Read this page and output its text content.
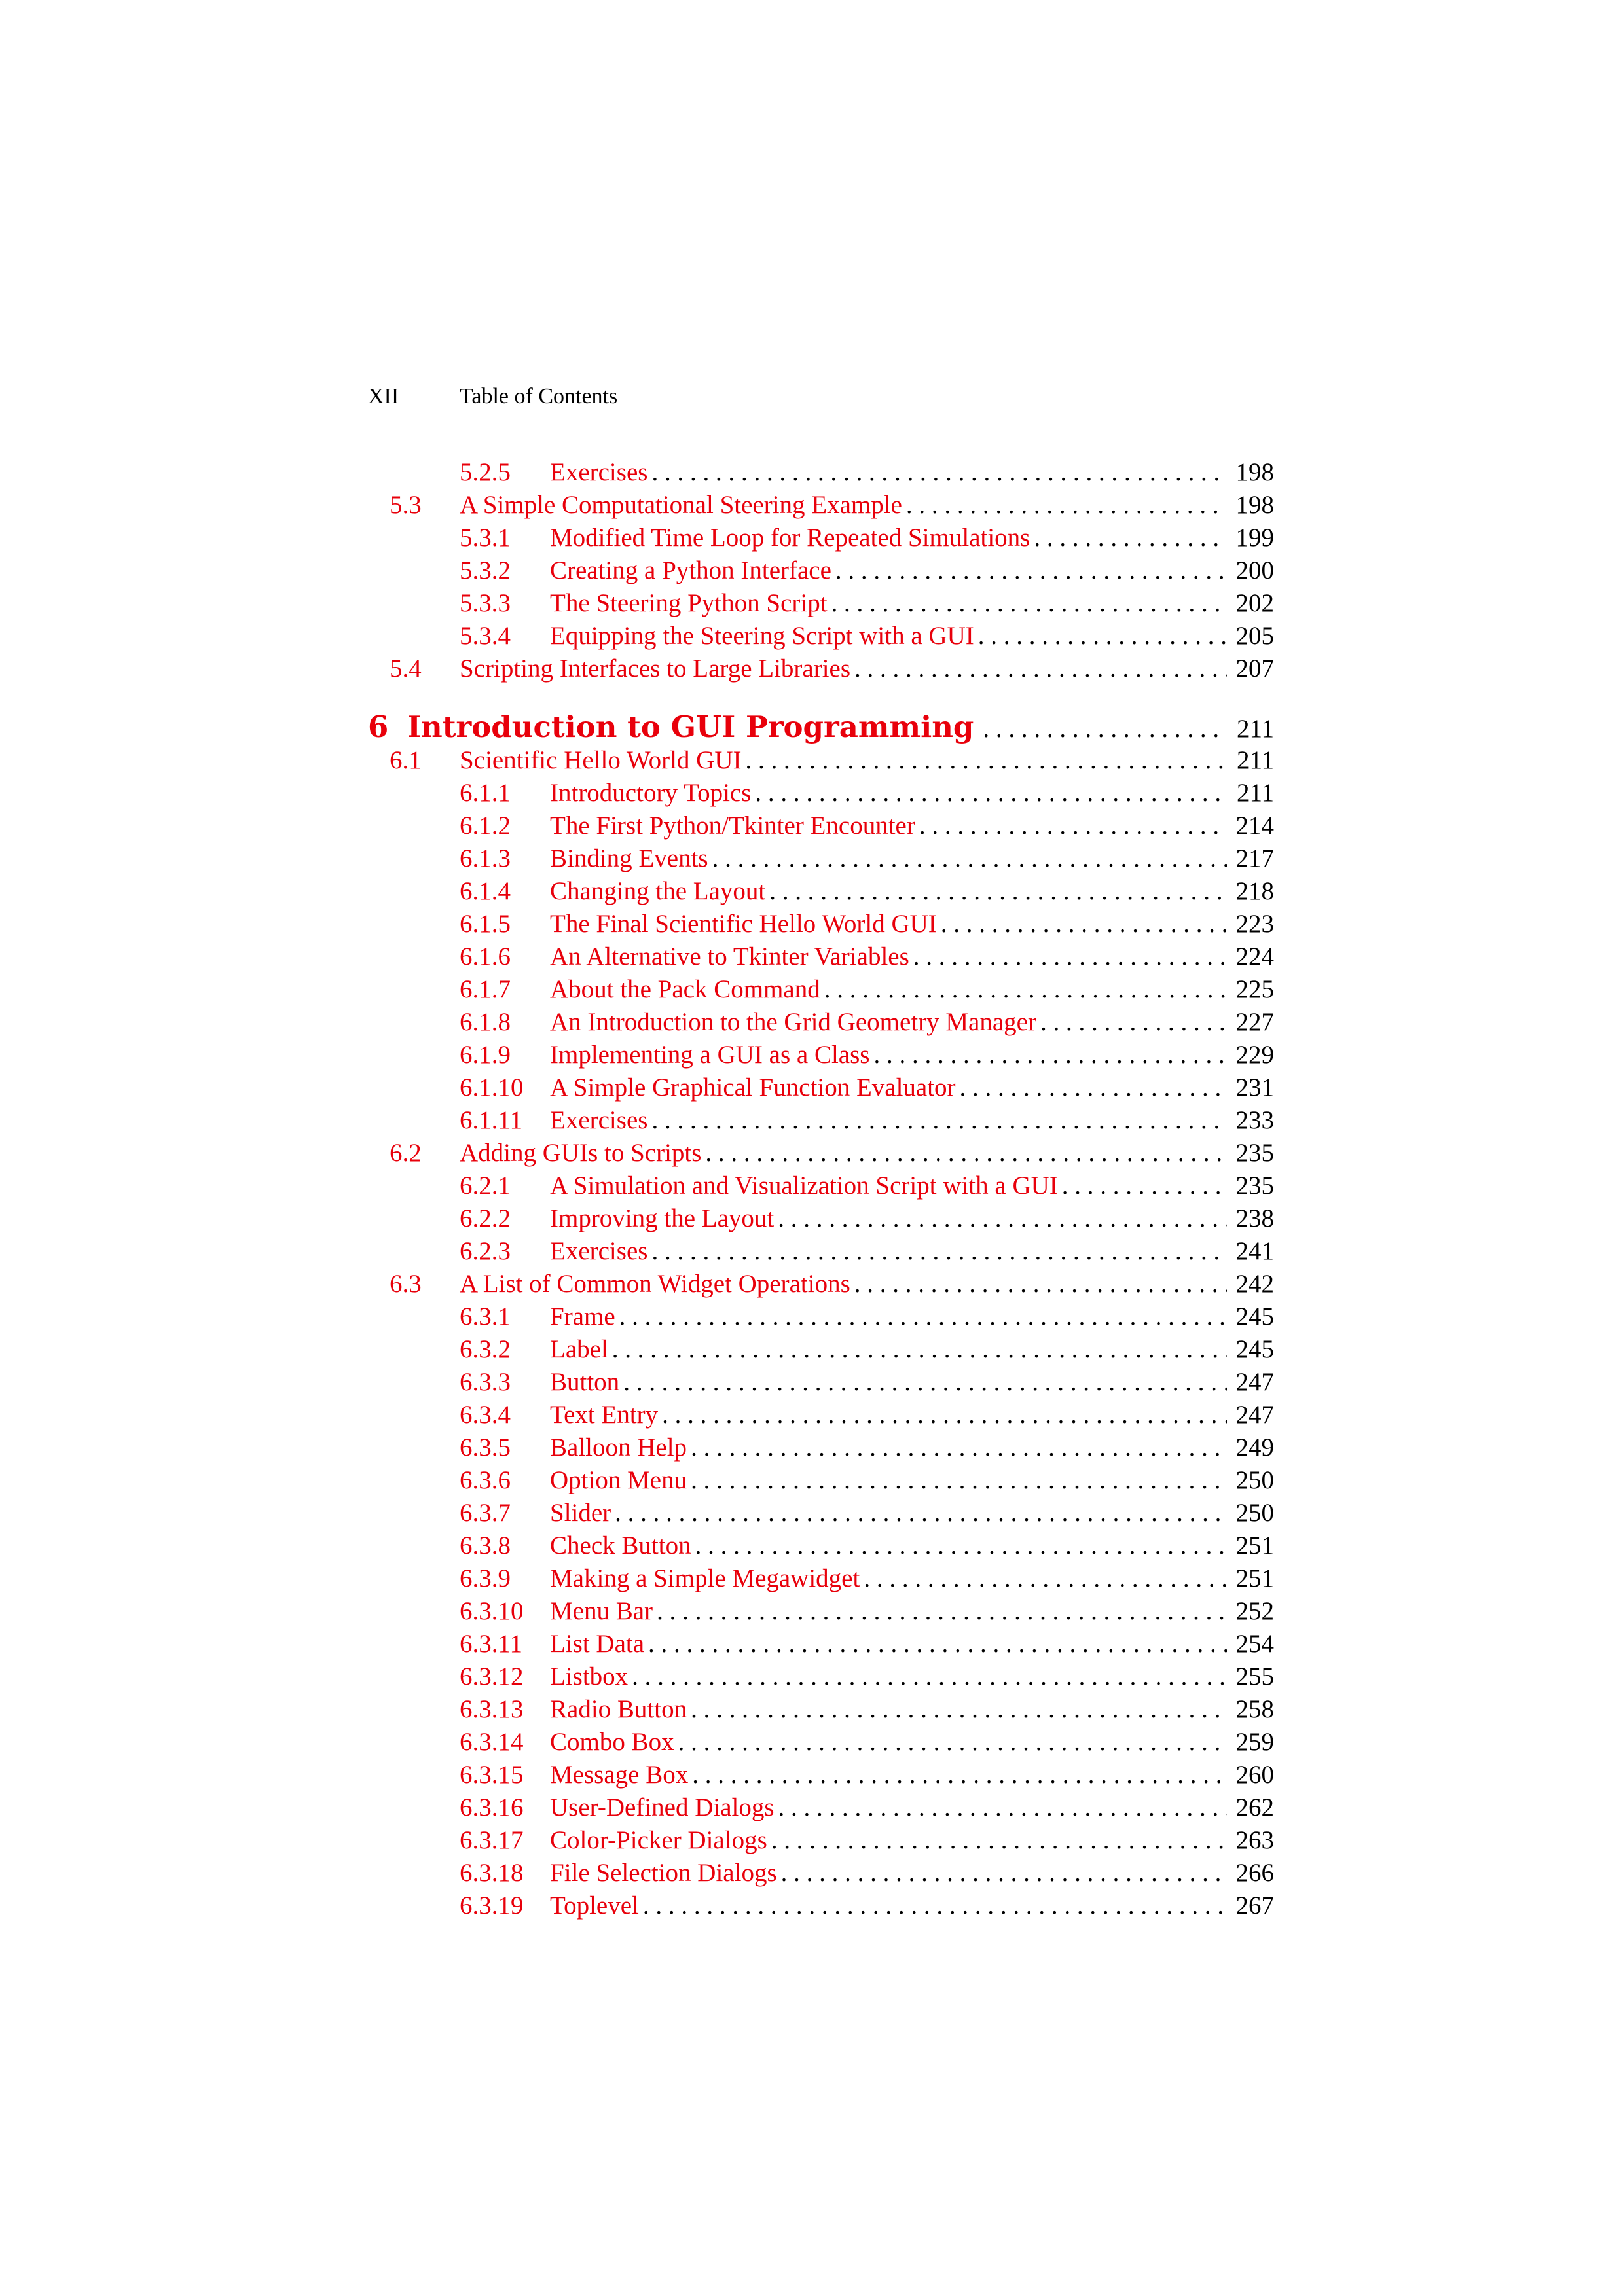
XII	Table of Contents
5.2.5 Exercises . . .	198
5.3 A Simple Computational Steering Example . . .	198
5.3.1 Modified Time Loop for Repeated Simulations . . .	199
5.3.2 Creating a Python Interface . . .	200
5.3.3 The Steering Python Script . . .	202
5.3.4 Equipping the Steering Script with a GUI . . .	205
5.4 Scripting Interfaces to Large Libraries . . .	207
6 Introduction to GUI Programming . . .	211
6.1 Scientific Hello World GUI . . .	211
6.1.1 Introductory Topics . . .	211
6.1.2 The First Python/Tkinter Encounter . . .	214
6.1.3 Binding Events . . .	217
6.1.4 Changing the Layout . . .	218
6.1.5 The Final Scientific Hello World GUI . . .	223
6.1.6 An Alternative to Tkinter Variables . . .	224
6.1.7 About the Pack Command . . .	225
6.1.8 An Introduction to the Grid Geometry Manager . . .	227
6.1.9 Implementing a GUI as a Class . . .	229
6.1.10 A Simple Graphical Function Evaluator . . .	231
6.1.11 Exercises . . .	233
6.2 Adding GUIs to Scripts . . .	235
6.2.1 A Simulation and Visualization Script with a GUI . . .	235
6.2.2 Improving the Layout . . .	238
6.2.3 Exercises . . .	241
6.3 A List of Common Widget Operations . . .	242
6.3.1 Frame . . .	245
6.3.2 Label . . .	245
6.3.3 Button . . .	247
6.3.4 Text Entry . . .	247
6.3.5 Balloon Help . . .	249
6.3.6 Option Menu . . .	250
6.3.7 Slider . . .	250
6.3.8 Check Button . . .	251
6.3.9 Making a Simple Megawidget . . .	251
6.3.10 Menu Bar . . .	252
6.3.11 List Data . . .	254
6.3.12 Listbox . . .	255
6.3.13 Radio Button . . .	258
6.3.14 Combo Box . . .	259
6.3.15 Message Box . . .	260
6.3.16 User-Defined Dialogs . . .	262
6.3.17 Color-Picker Dialogs . . .	263
6.3.18 File Selection Dialogs . . .	266
6.3.19 Toplevel . . .	267
